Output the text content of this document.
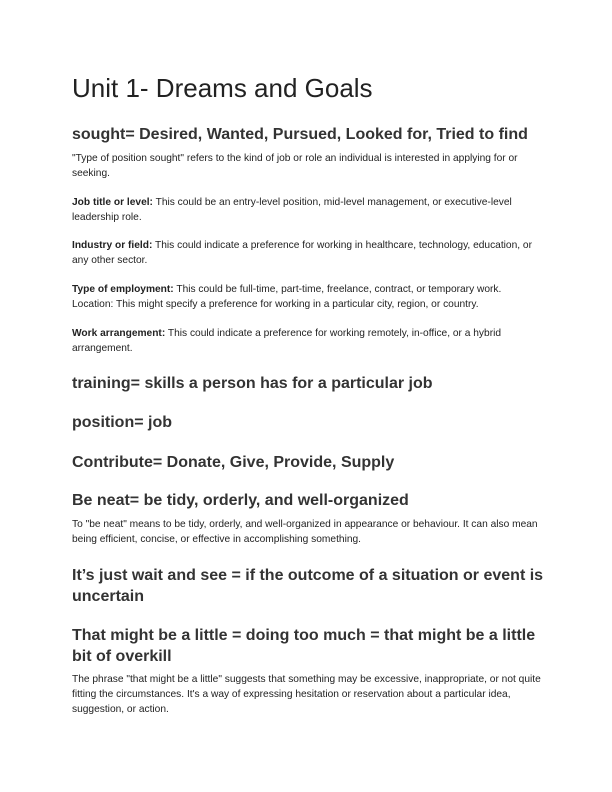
Unit 1- Dreams and Goals
sought= Desired, Wanted, Pursued, Looked for, Tried to find

"Type of position sought" refers to the kind of job or role an individual is interested in applying for or seeking.

Job title or level: This could be an entry-level position, mid-level management, or executive-level leadership role.

Industry or field: This could indicate a preference for working in healthcare, technology, education, or any other sector.

Type of employment: This could be full-time, part-time, freelance, contract, or temporary work.
Location: This might specify a preference for working in a particular city, region, or country.

Work arrangement: This could indicate a preference for working remotely, in-office, or a hybrid arrangement.

training= skills a person has for a particular job
position= job
Contribute= Donate, Give, Provide, Supply
Be neat= be tidy, orderly, and well-organized

To "be neat" means to be tidy, orderly, and well-organized in appearance or behaviour. It can also mean being efficient, concise, or effective in accomplishing something.

It’s just wait and see = if the outcome of a situation or event is uncertain
That might be a little = doing too much = that might be a little bit of overkill

The phrase "that might be a little" suggests that something may be excessive, inappropriate, or not quite fitting the circumstances. It's a way of expressing hesitation or reservation about a particular idea, suggestion, or action.
